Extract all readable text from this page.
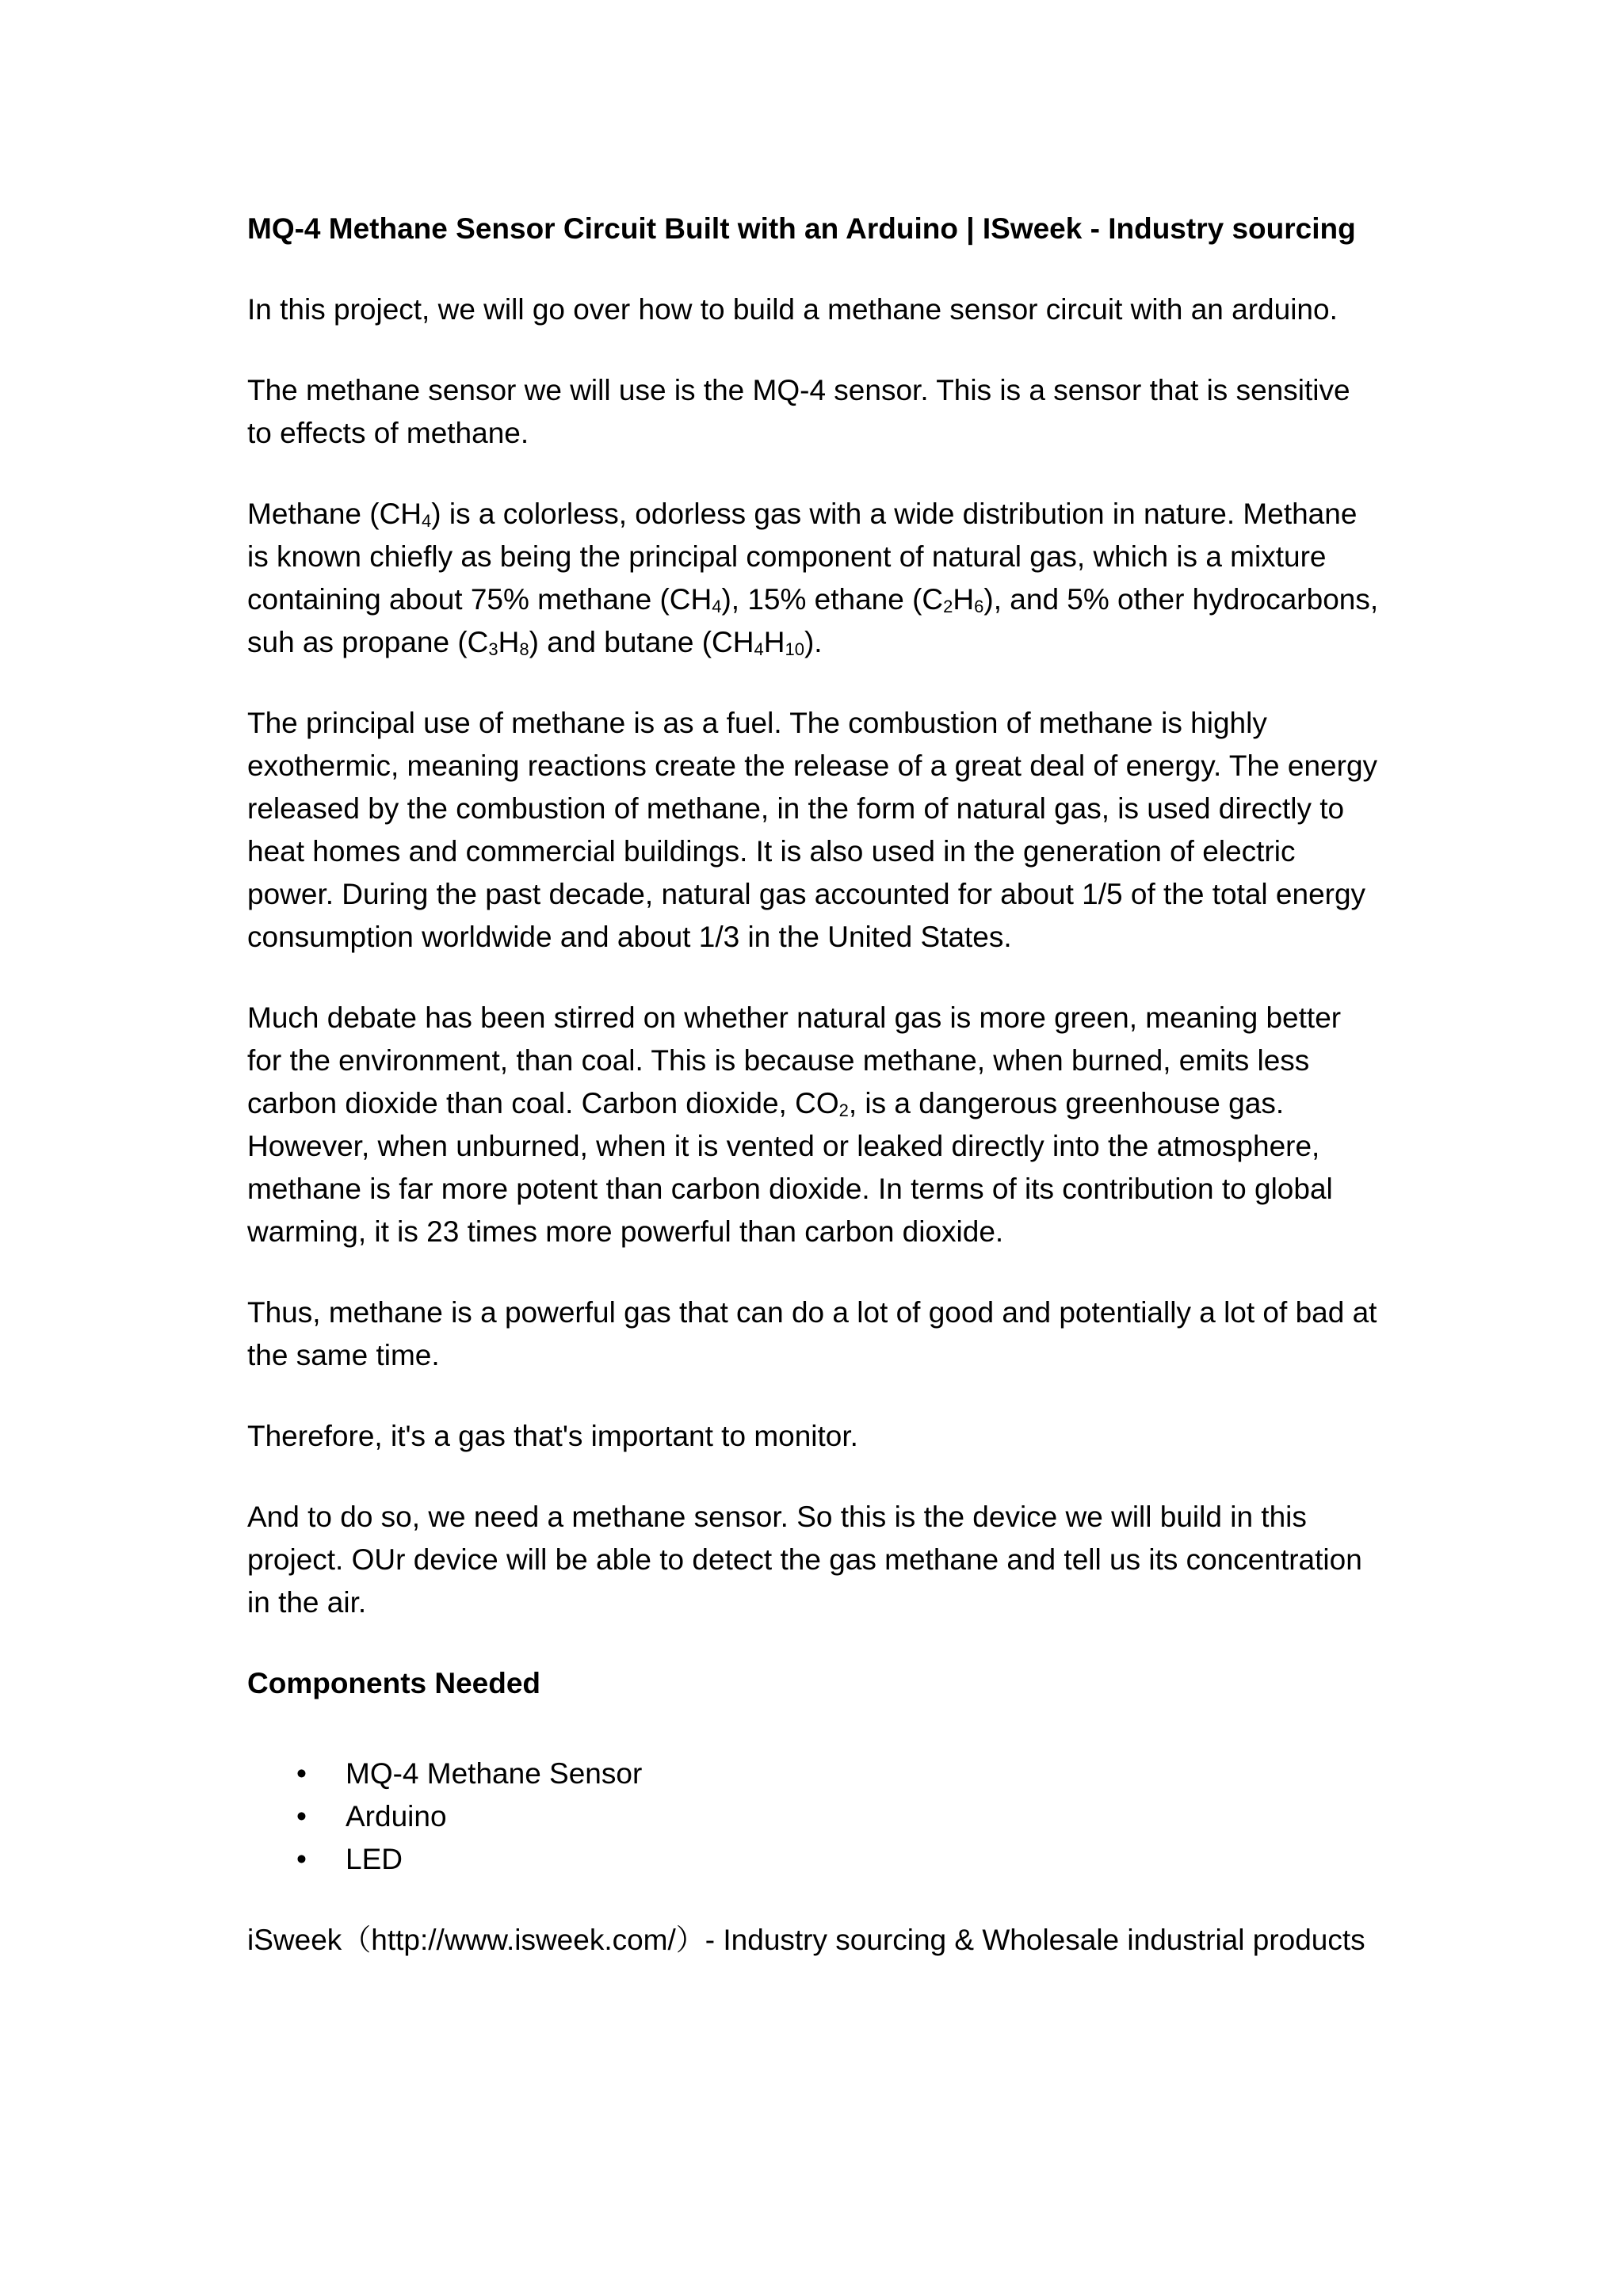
MQ-4 Methane Sensor Circuit Built with an Arduino | ISweek - Industry sourcing

In this project, we will go over how to build a methane sensor circuit with an arduino.

The methane sensor we will use is the MQ-4 sensor. This is a sensor that is sensitive to effects of methane.

Methane $(CH_4)$ is a colorless, odorless gas with a wide distribution in nature. Methane is known chiefly as being the principal component of natural gas, which is a mixture containing about 75% methane $(CH_4)$, 15% ethane $(C_2H_6)$, and 5% other hydrocarbons, suh as propane $(C_3H_8)$ and butane $(CH_4H_{10})$.

The principal use of methane is as a fuel. The combustion of methane is highly exothermic, meaning reactions create the release of a great deal of energy. The energy released by the combustion of methane, in the form of natural gas, is used directly to heat homes and commercial buildings. It is also used in the generation of electric power. During the past decade, natural gas accounted for about 1/5 of the total energy consumption worldwide and about 1/3 in the United States.

Much debate has been stirred on whether natural gas is more green, meaning better for the environment, than coal. This is because methane, when burned, emits less carbon dioxide than coal. Carbon dioxide, $CO_2$, is a dangerous greenhouse gas. However, when unburned, when it is vented or leaked directly into the atmosphere, methane is far more potent than carbon dioxide. In terms of its contribution to global warming, it is 23 times more powerful than carbon dioxide.

Thus, methane is a powerful gas that can do a lot of good and potentially a lot of bad at the same time.

Therefore, it's a gas that's important to monitor.

And to do so, we need a methane sensor. So this is the device we will build in this project. OUr device will be able to detect the gas methane and tell us its concentration in the air.

Components Needed
• MQ-4 Methane Sensor
• Arduino
• LED

iSweek（http://www.isweek.com/）- Industry sourcing & Wholesale industrial products
